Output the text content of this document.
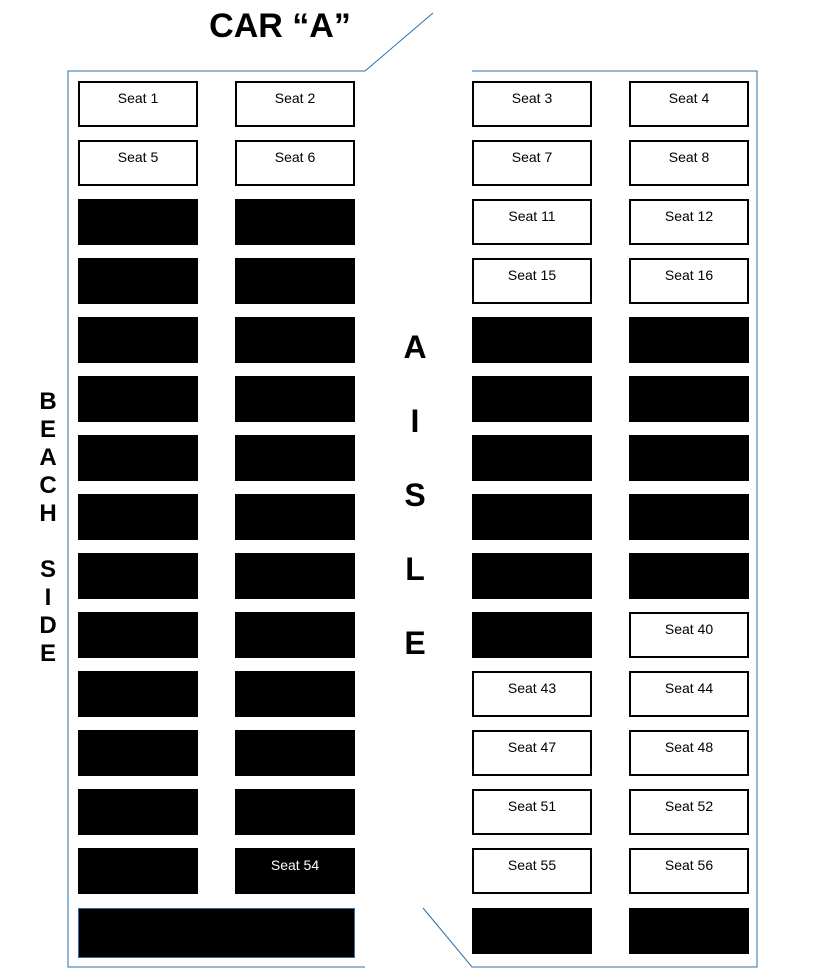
CAR “A”
B
E
A
C
H

S
I
D
E
A
I
S
L
E
Seat 1	Seat 2	Seat 3	Seat 4
Seat 5	Seat 6	Seat 7	Seat 8
Seat 11	Seat 12
Seat 15	Seat 16
Seat 40
Seat 43	Seat 44
Seat 47	Seat 48
Seat 51	Seat 52
Seat 54	Seat 55	Seat 56
